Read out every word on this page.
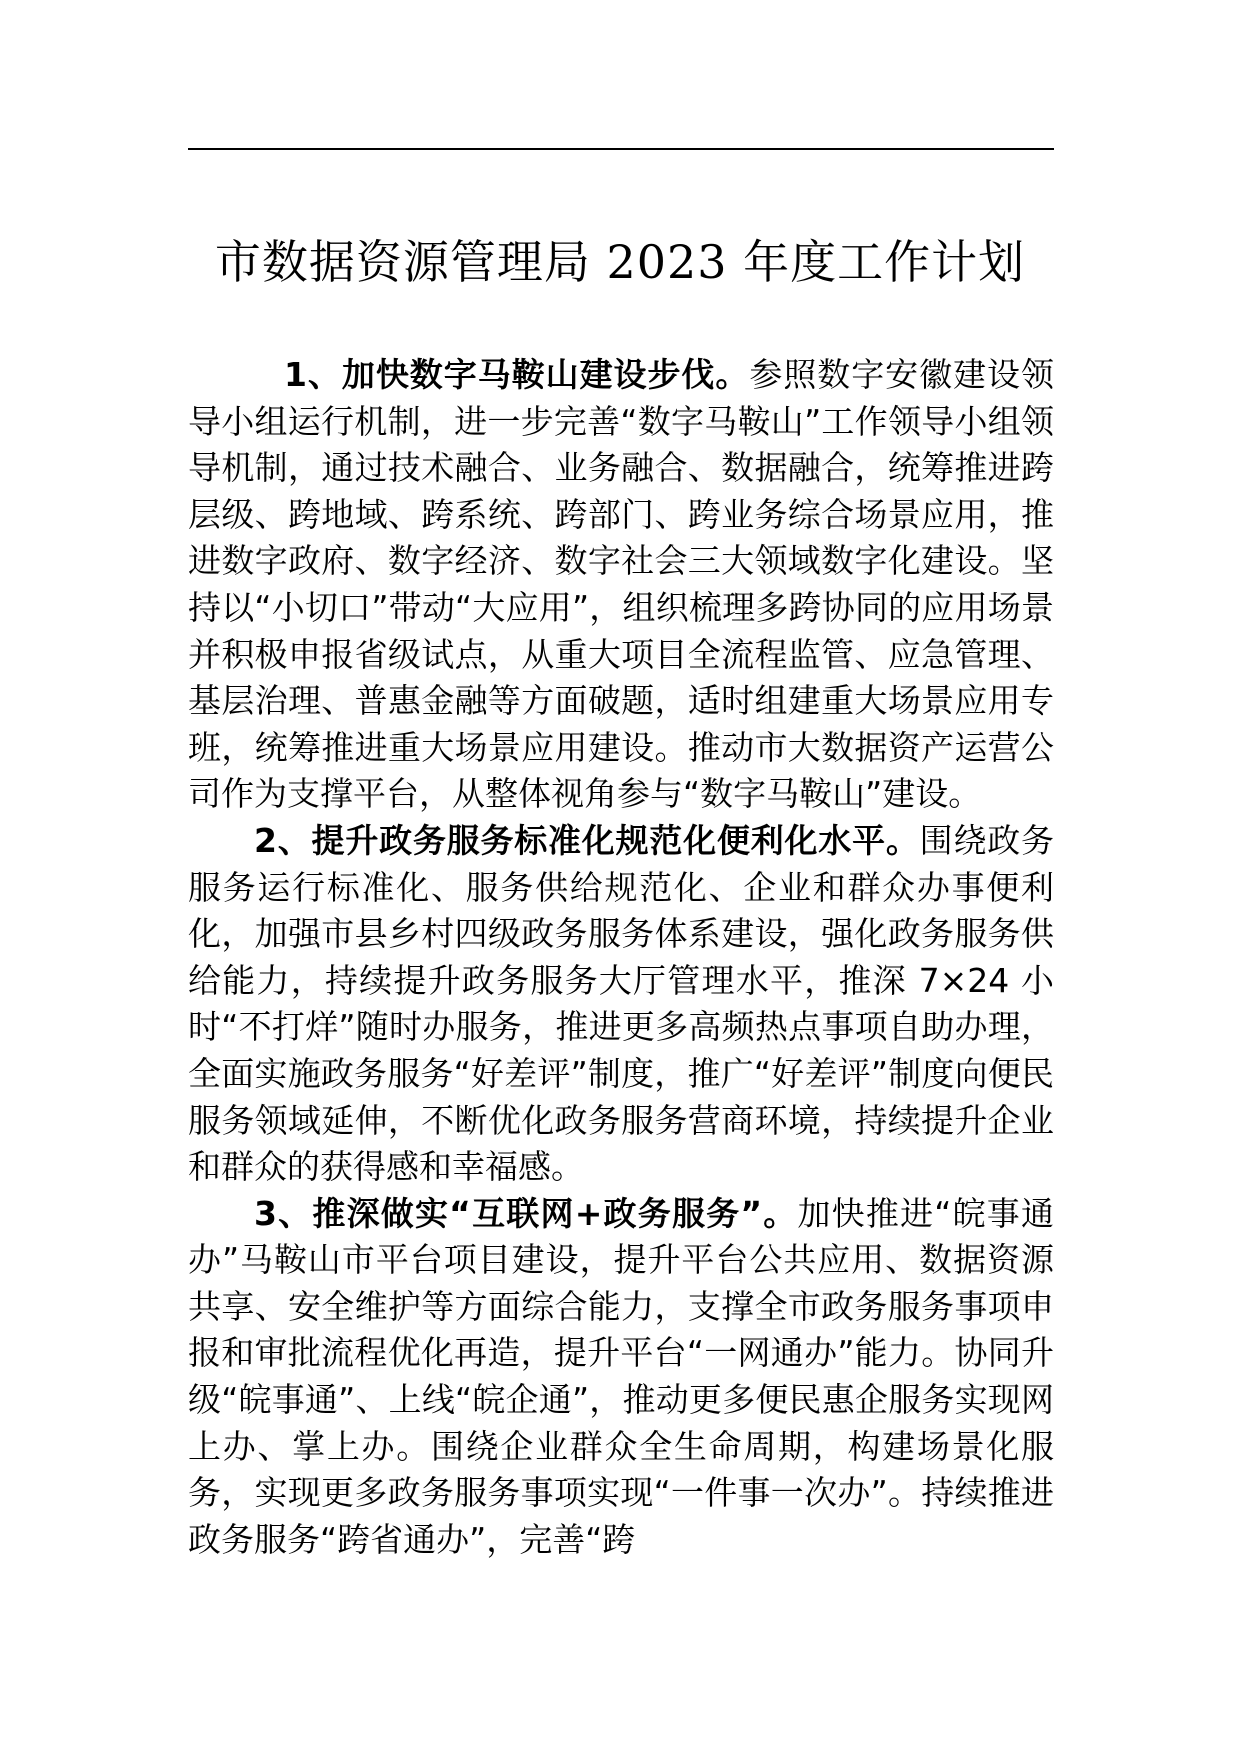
市数据资源管理局 2023 年度工作计划

1、加快数字马鞍山建设步伐。参照数字安徽建设领导小组运行机制，进一步完善“数字马鞍山”工作领导小组领导机制，通过技术融合、业务融合、数据融合，统筹推进跨层级、跨地域、跨系统、跨部门、跨业务综合场景应用，推进数字政府、数字经济、数字社会三大领域数字化建设。坚持以“小切口”带动“大应用”，组织梳理多跨协同的应用场景并积极申报省级试点，从重大项目全流程监管、应急管理、基层治理、普惠金融等方面破题，适时组建重大场景应用专班，统筹推进重大场景应用建设。推动市大数据资产运营公司作为支撑平台，从整体视角参与“数字马鞍山”建设。

2、提升政务服务标准化规范化便利化水平。围绕政务服务运行标准化、服务供给规范化、企业和群众办事便利化，加强市县乡村四级政务服务体系建设，强化政务服务供给能力，持续提升政务服务大厅管理水平，推深 7×24 小时“不打烊”随时办服务，推进更多高频热点事项自助办理，全面实施政务服务“好差评”制度，推广“好差评”制度向便民服务领域延伸，不断优化政务服务营商环境，持续提升企业和群众的获得感和幸福感。

3、推深做实“互联网+政务服务”。加快推进“皖事通办”马鞍山市平台项目建设，提升平台公共应用、数据资源共享、安全维护等方面综合能力，支撑全市政务服务事项申报和审批流程优化再造，提升平台“一网通办”能力。协同升级“皖事通”、上线“皖企通”，推动更多便民惠企服务实现网上办、掌上办。围绕企业群众全生命周期，构建场景化服务，实现更多政务服务事项实现“一件事一次办”。持续推进政务服务“跨省通办”，完善“跨
